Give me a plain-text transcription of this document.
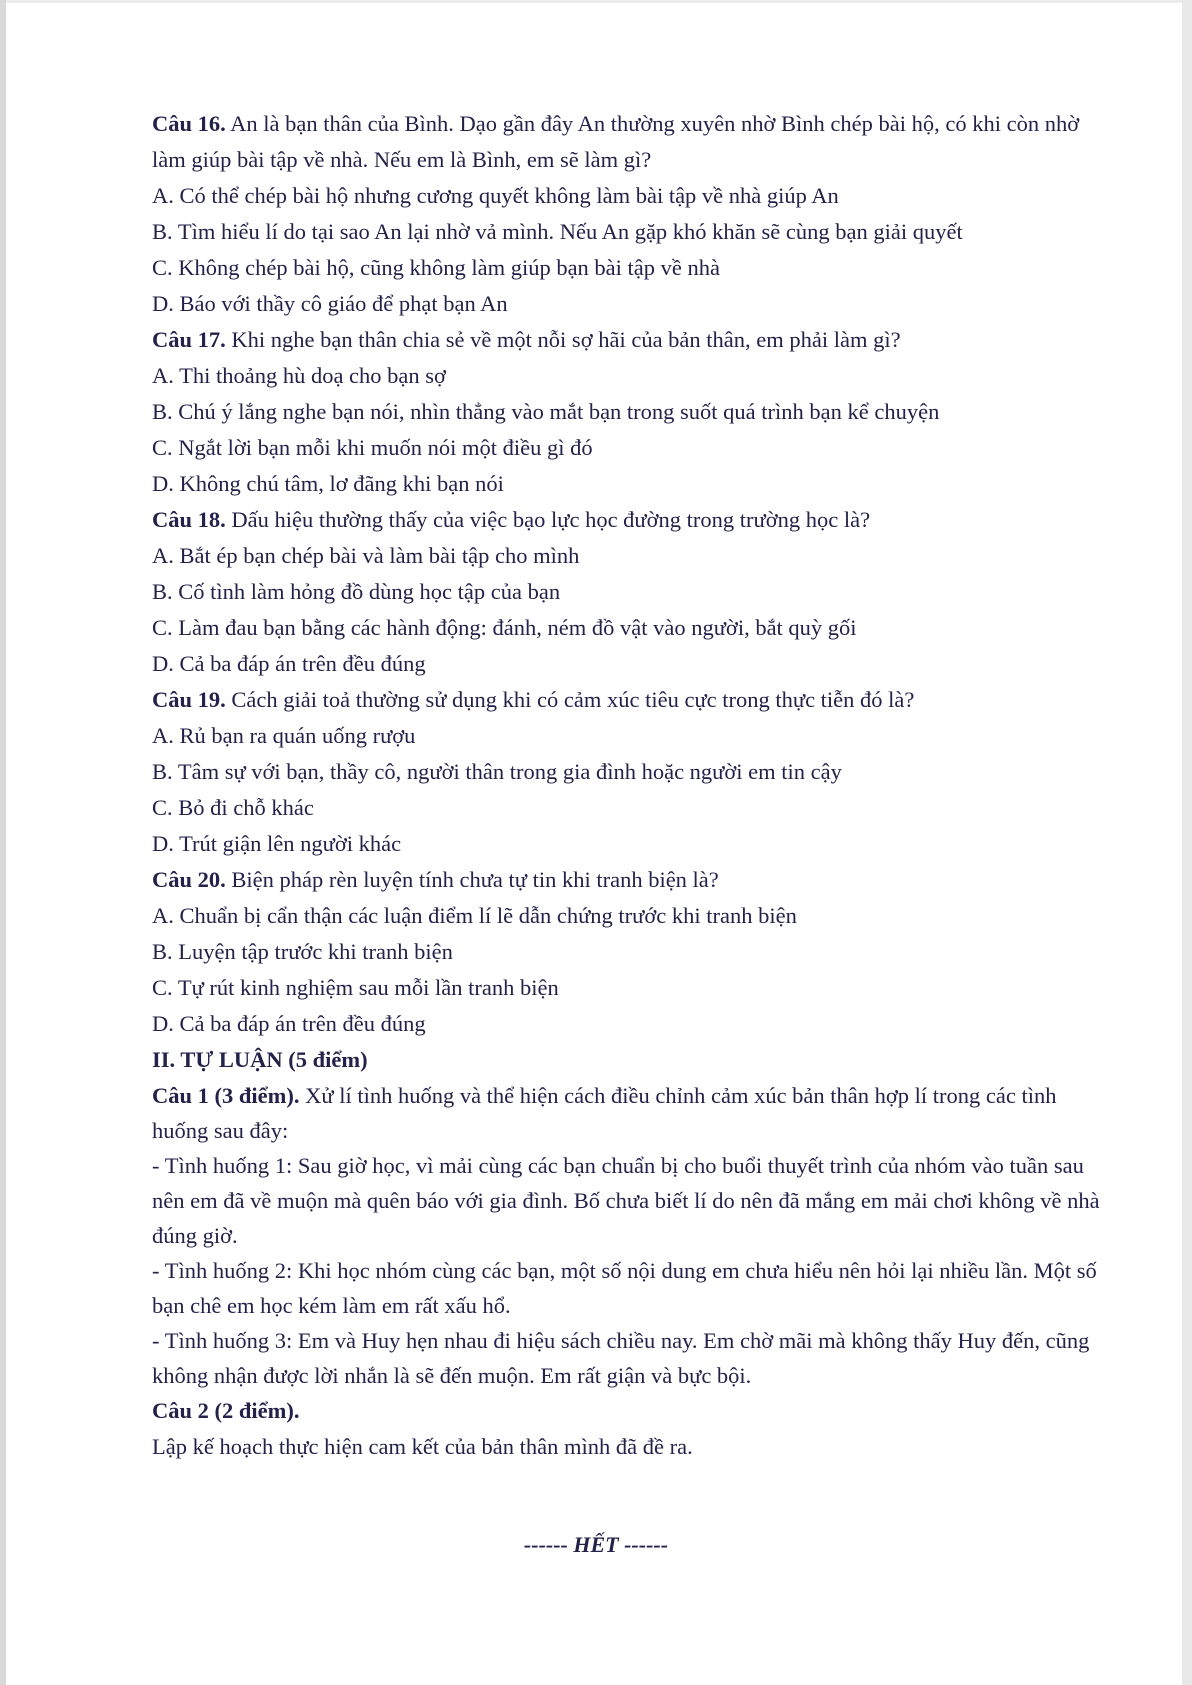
Câu 16. An là bạn thân của Bình. Dạo gần đây An thường xuyên nhờ Bình chép bài hộ, có khi còn nhờ làm giúp bài tập về nhà. Nếu em là Bình, em sẽ làm gì?

A. Có thể chép bài hộ nhưng cương quyết không làm bài tập về nhà giúp An

B. Tìm hiểu lí do tại sao An lại nhờ vả mình. Nếu An gặp khó khăn sẽ cùng bạn giải quyết

C. Không chép bài hộ, cũng không làm giúp bạn bài tập về nhà

D. Báo với thầy cô giáo để phạt bạn An

Câu 17. Khi nghe bạn thân chia sẻ về một nỗi sợ hãi của bản thân, em phải làm gì?

A. Thi thoảng hù doạ cho bạn sợ

B. Chú ý lắng nghe bạn nói, nhìn thẳng vào mắt bạn trong suốt quá trình bạn kể chuyện

C. Ngắt lời bạn mỗi khi muốn nói một điều gì đó

D. Không chú tâm, lơ đãng khi bạn nói

Câu 18. Dấu hiệu thường thấy của việc bạo lực học đường trong trường học là?

A. Bắt ép bạn chép bài và làm bài tập cho mình

B. Cố tình làm hỏng đồ dùng học tập của bạn

C. Làm đau bạn bằng các hành động: đánh, ném đồ vật vào người, bắt quỳ gối

D. Cả ba đáp án trên đều đúng

Câu 19. Cách giải toả thường sử dụng khi có cảm xúc tiêu cực trong thực tiễn đó là?

A. Rủ bạn ra quán uống rượu

B. Tâm sự với bạn, thầy cô, người thân trong gia đình hoặc người em tin cậy

C. Bỏ đi chỗ khác

D. Trút giận lên người khác

Câu 20. Biện pháp rèn luyện tính chưa tự tin khi tranh biện là?

A. Chuẩn bị cẩn thận các luận điểm lí lẽ dẫn chứng trước khi tranh biện

B. Luyện tập trước khi tranh biện

C. Tự rút kinh nghiệm sau mỗi lần tranh biện

D. Cả ba đáp án trên đều đúng

II. TỰ LUẬN (5 điểm)

Câu 1 (3 điểm). Xử lí tình huống và thể hiện cách điều chỉnh cảm xúc bản thân hợp lí trong các tình huống sau đây:

- Tình huống 1: Sau giờ học, vì mải cùng các bạn chuẩn bị cho buổi thuyết trình của nhóm vào tuần sau nên em đã về muộn mà quên báo với gia đình. Bố chưa biết lí do nên đã mắng em mải chơi không về nhà đúng giờ.

- Tình huống 2: Khi học nhóm cùng các bạn, một số nội dung em chưa hiểu nên hỏi lại nhiều lần. Một số bạn chê em học kém làm em rất xấu hổ.

- Tình huống 3: Em và Huy hẹn nhau đi hiệu sách chiều nay. Em chờ mãi mà không thấy Huy đến, cũng không nhận được lời nhắn là sẽ đến muộn. Em rất giận và bực bội.

Câu 2 (2 điểm).

Lập kế hoạch thực hiện cam kết của bản thân mình đã đề ra.

------ HẾT ------
